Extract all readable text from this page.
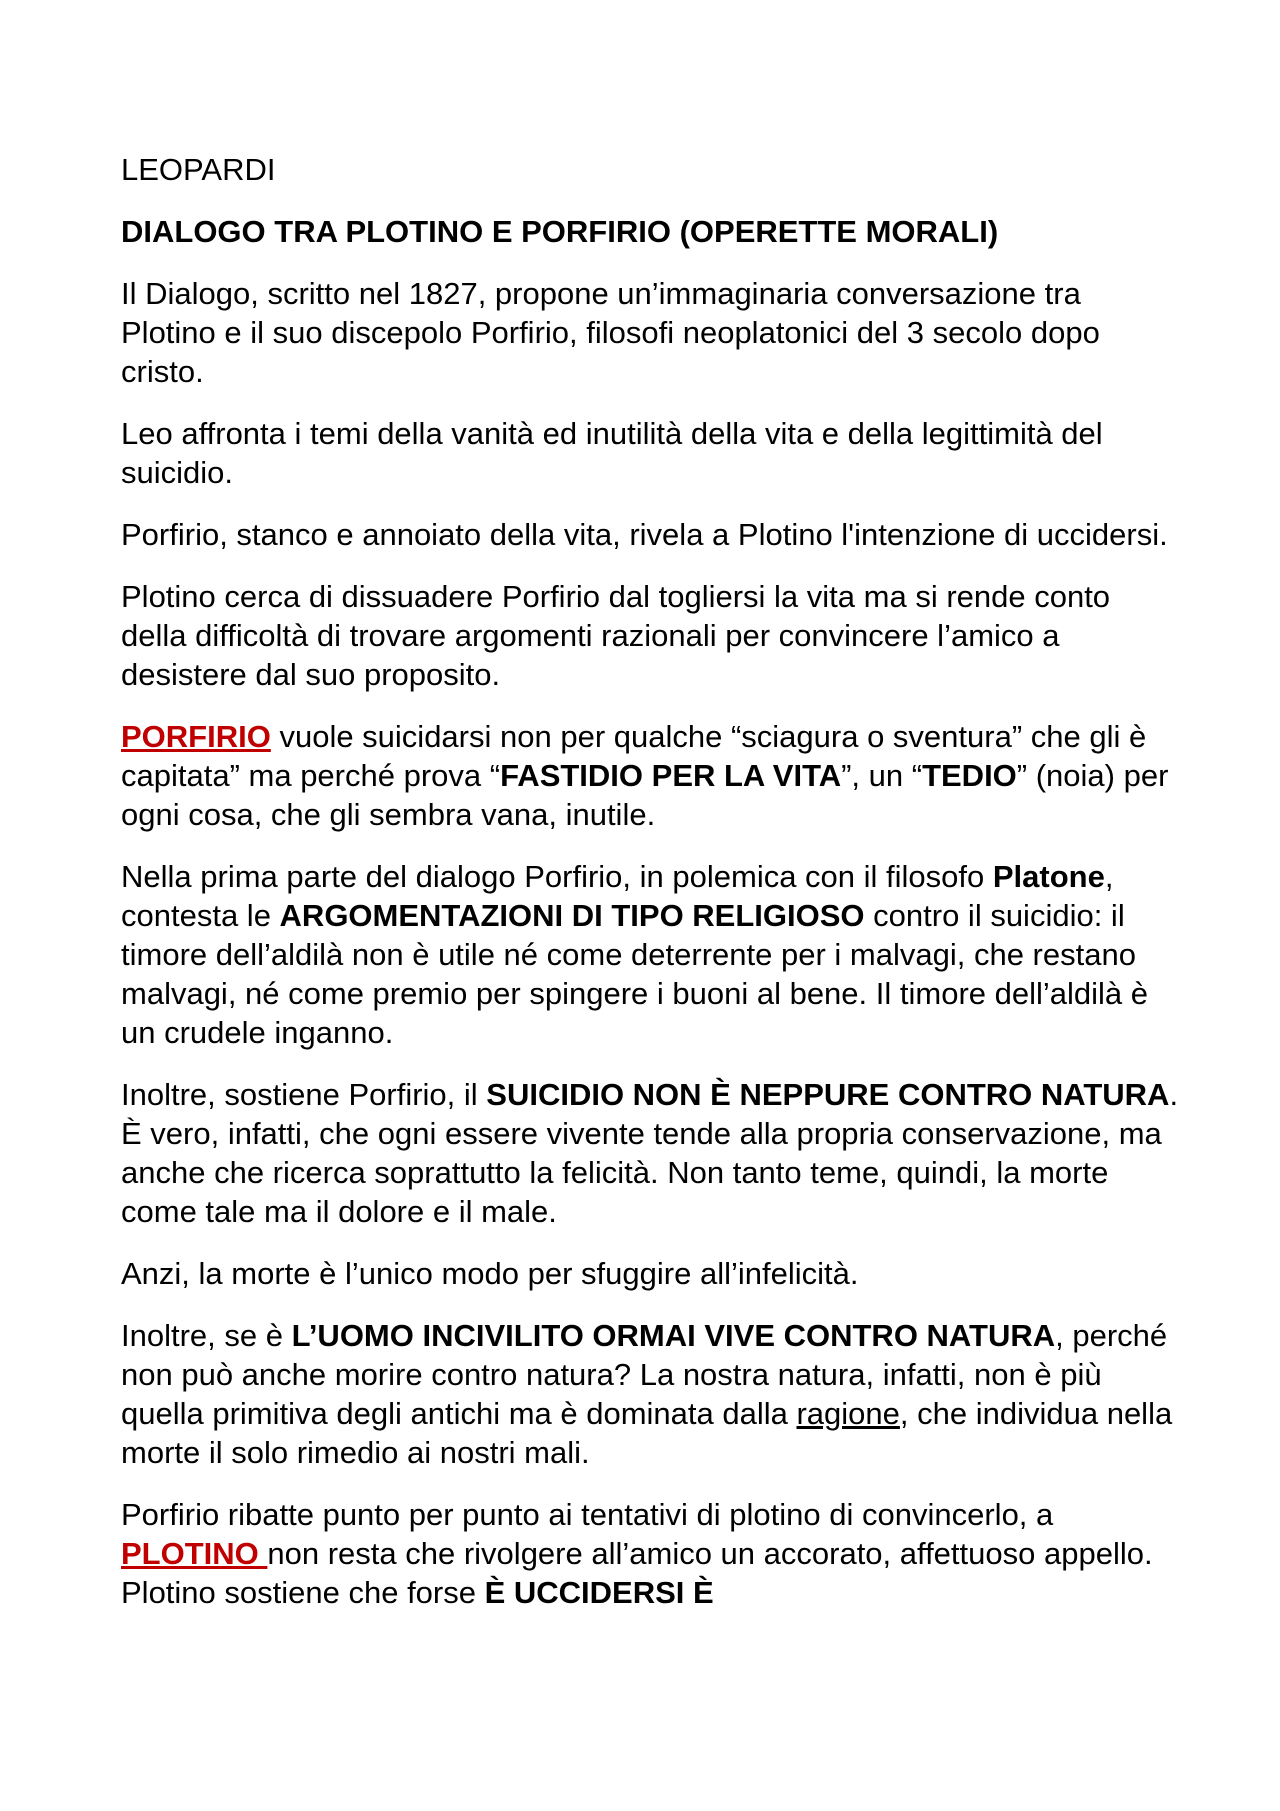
LEOPARDI

DIALOGO TRA PLOTINO E PORFIRIO (OPERETTE MORALI)

Il Dialogo, scritto nel 1827, propone un’immaginaria conversazione tra Plotino e il suo discepolo Porfirio, filosofi neoplatonici del 3 secolo dopo cristo.

Leo affronta i temi della vanità ed inutilità della vita e della legittimità del suicidio.

Porfirio, stanco e annoiato della vita, rivela a Plotino l'intenzione di uccidersi.

Plotino cerca di dissuadere Porfirio dal togliersi la vita ma si rende conto della difficoltà di trovare argomenti razionali per convincere l’amico a desistere dal suo proposito.

PORFIRIO vuole suicidarsi non per qualche “sciagura o sventura” che gli è capitata” ma perché prova “FASTIDIO PER LA VITA”, un “TEDIO” (noia) per ogni cosa, che gli sembra vana, inutile.

Nella prima parte del dialogo Porfirio, in polemica con il filosofo Platone, contesta le ARGOMENTAZIONI DI TIPO RELIGIOSO contro il suicidio: il timore dell’aldilà non è utile né come deterrente per i malvagi, che restano malvagi, né come premio per spingere i buoni al bene. Il timore dell’aldilà è un crudele inganno.

Inoltre, sostiene Porfirio, il SUICIDIO NON È NEPPURE CONTRO NATURA. È vero, infatti, che ogni essere vivente tende alla propria conservazione, ma anche che ricerca soprattutto la felicità. Non tanto teme, quindi, la morte come tale ma il dolore e il male.

Anzi, la morte è l’unico modo per sfuggire all’infelicità.

Inoltre, se è L’UOMO INCIVILITO ORMAI VIVE CONTRO NATURA, perché non può anche morire contro natura? La nostra natura, infatti, non è più quella primitiva degli antichi ma è dominata dalla ragione, che individua nella morte il solo rimedio ai nostri mali.

Porfirio ribatte punto per punto ai tentativi di plotino di convincerlo, a PLOTINO non resta che rivolgere all’amico un accorato, affettuoso appello. Plotino sostiene che forse È UCCIDERSI È
